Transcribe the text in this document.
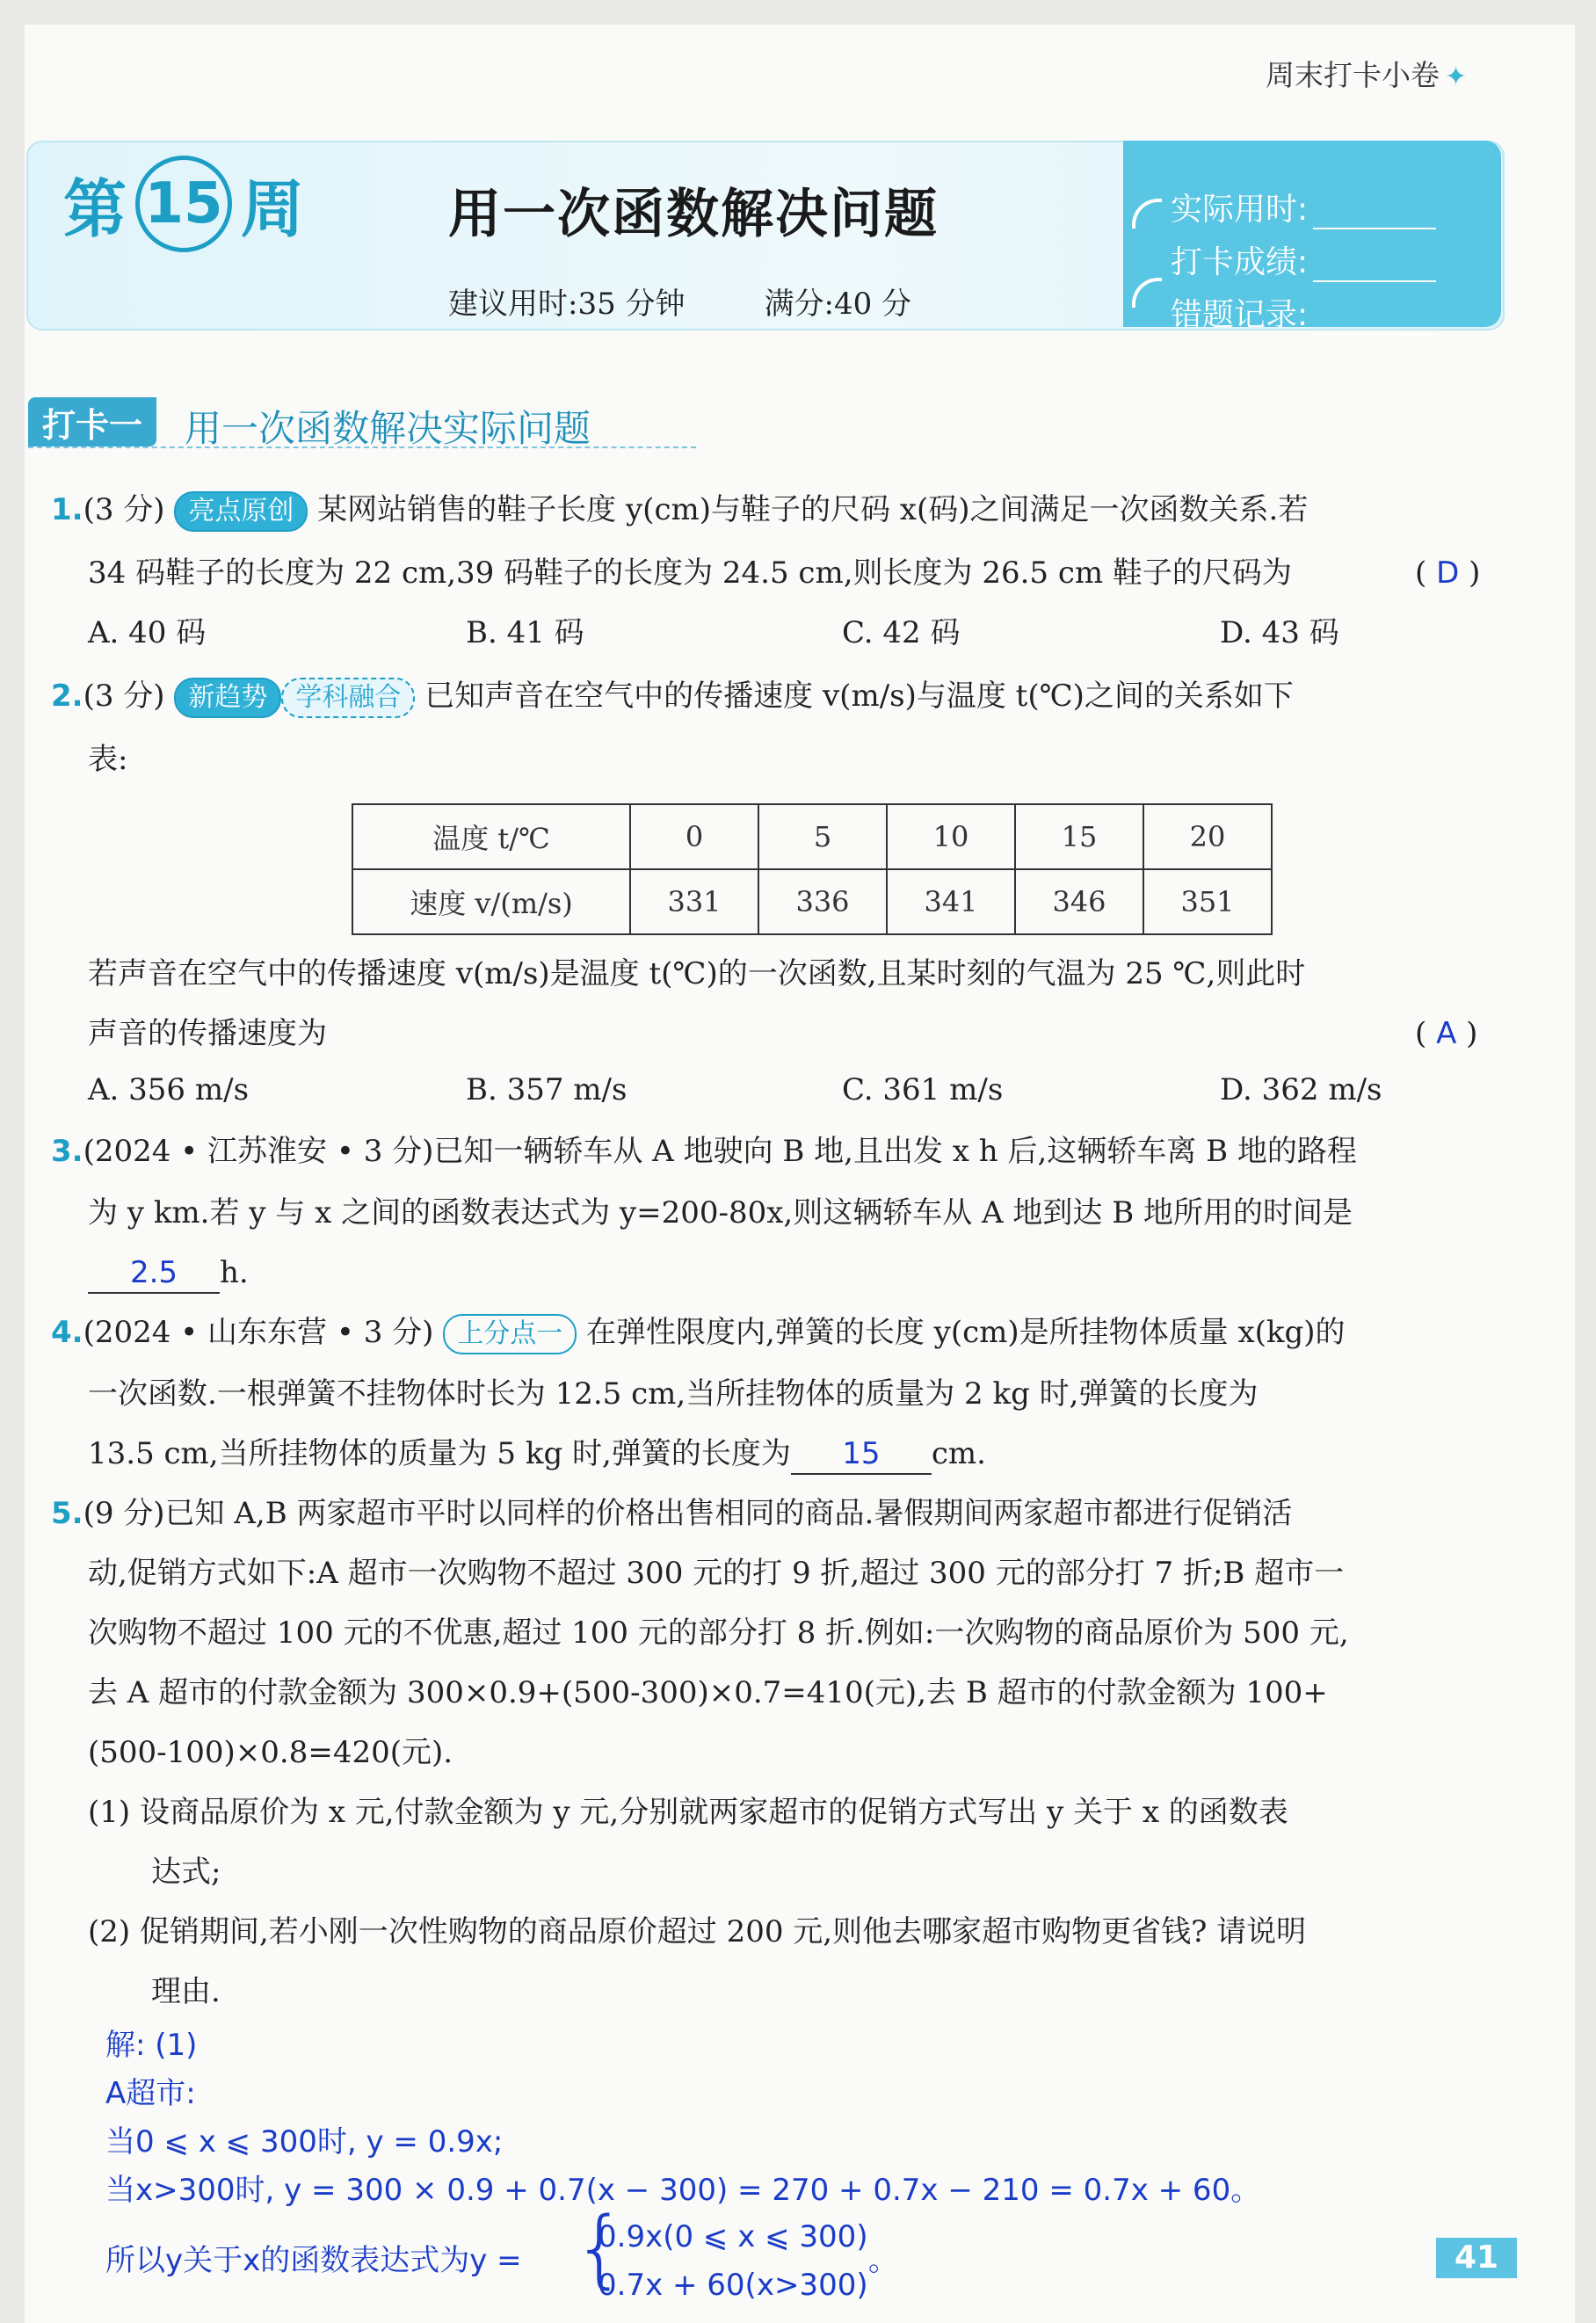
周末打卡小卷 ✦
第 15 周	用一次函数解决问题
建议用时:35 分钟	满分:40 分
实际用时:
打卡成绩:
错题记录:
打卡一	用一次函数解决实际问题
1.(3 分) 亮点原创 某网站销售的鞋子长度 y(cm)与鞋子的尺码 x(码)之间满足一次函数关系.若
34 码鞋子的长度为 22 cm,39 码鞋子的长度为 24.5 cm,则长度为 26.5 cm 鞋子的尺码为	( D )
A. 40 码	B. 41 码	C. 42 码	D. 43 码
2.(3 分) 新趋势 学科融合 已知声音在空气中的传播速度 v(m/s)与温度 t(℃)之间的关系如下
表:
温度 t/℃	0	5	10	15	20
速度 v/(m/s)	331	336	341	346	351
若声音在空气中的传播速度 v(m/s)是温度 t(℃)的一次函数,且某时刻的气温为 25 ℃,则此时
声音的传播速度为	( A )
A. 356 m/s	B. 357 m/s	C. 361 m/s	D. 362 m/s
3.(2024 • 江苏淮安 • 3 分)已知一辆轿车从 A 地驶向 B 地,且出发 x h 后,这辆轿车离 B 地的路程
为 y km.若 y 与 x 之间的函数表达式为 y=200-80x,则这辆轿车从 A 地到达 B 地所用的时间是
2.5 h.
4.(2024 • 山东东营 • 3 分) 上分点一 在弹性限度内,弹簧的长度 y(cm)是所挂物体质量 x(kg)的
一次函数.一根弹簧不挂物体时长为 12.5 cm,当所挂物体的质量为 2 kg 时,弹簧的长度为
13.5 cm,当所挂物体的质量为 5 kg 时,弹簧的长度为 15 cm.
5.(9 分)已知 A,B 两家超市平时以同样的价格出售相同的商品.暑假期间两家超市都进行促销活
动,促销方式如下:A 超市一次购物不超过 300 元的打 9 折,超过 300 元的部分打 7 折;B 超市一
次购物不超过 100 元的不优惠,超过 100 元的部分打 8 折.例如:一次购物的商品原价为 500 元,
去 A 超市的付款金额为 300×0.9+(500-300)×0.7=410(元),去 B 超市的付款金额为 100+
(500-100)×0.8=420(元).
(1) 设商品原价为 x 元,付款金额为 y 元,分别就两家超市的促销方式写出 y 关于 x 的函数表
达式;
(2) 促销期间,若小刚一次性购物的商品原价超过 200 元,则他去哪家超市购物更省钱? 请说明
理由.
解: (1)
A超市:
当0 ⩽ x ⩽ 300时, y = 0.9x;
当x>300时, y = 300 × 0.9 + 0.7(x − 300) = 270 + 0.7x − 210 = 0.7x + 60。
所以y关于x的函数表达式为y = {
0.9x(0 ⩽ x ⩽ 300)
0.7x + 60(x>300)
。	41
